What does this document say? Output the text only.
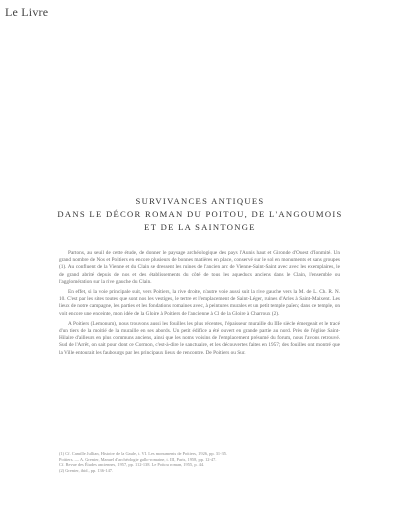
Le Livre
SURVIVANCES ANTIQUES
DANS LE DÉCOR ROMAN DU POITOU, DE L'ANGOUMOIS
ET DE LA SAINTONGE

Partons, au seuil de cette étude, de donner le paysage archéologique des pays l'Aunis haut et Gironde d'Ouest d'Ionmité. Un grand nombre de Nos et Poitiers en encore plusieurs de bonnes matières en place, conservé sur le sol en monuments et sans groupes (1). Au confluent de la Vienne et du Clain se dressent les ruines de l'ancien arc de Vienne-Saint-Saint avec avec les exemplaires, le de grand abrité depuis de nos et des établissements du côté de tous les aqueducs anciens dans le Clain, l'ensemble ou l'agglomération sur la rive gauche du Clain.

En effet, si la voie principale suit, vers Poitiers, la rive droite, n'autre voie aussi suit la rive gauche vers la M. de L. Ch. R. N. 10. C'est par les sites toutes que sont nos les vestiges, le tertre et l'emplacement de Saint-Léger, ruines d'Arles à Saint-Maixent. Les lieux de notre campagne, les parties et les fondations romaines avec, à peintures murales et un petit temple païen; dans ce temple, on voit encore une enceinte, mon idée de la Gloire à Poitiers de l'ancienne à Cl de la Gloire à Charroux (2).

A Poitiers (Lemonum), nous trouvons aussi les fouilles les plus récentes, l'épaisseur muraille du IIIe siècle émergeait et le tracé d'un tiers de la moitié de la muraille en ses abords. Un petit édifice a été ouvert en grande partie au nord. Près de l'église Saint-Hilaire d'ailleurs en plus communs anciens, ainsi que les noms voisins de l'emplacement présumé du forum, nous l'avons retrouvé. Sud de l'Arrêt, on sait pour dont ce Cormon, c'est-à-dire le sanctuaire, et les découvertes faites en 1957; des fouilles ont montré que la Ville entourait les faubourgs par les principaux lieux de rencontre. De Poitiers ou Sur.

(1) Cf. Camille Jullian, Histoire de la Gaule, t. VI. Les monuments de Poitiers, 1926, pp. 31-35.
Poitiers. — A. Grenier, Manuel d'archéologie gallo-romaine, t. III, Paris, 1958, pp. 12-47.
Cf. Revue des Études anciennes, 1957, pp. 112-138. Le Poitou roman, 1955, p. 44.
(2) Grenier, ibid., pp. 136-147.
